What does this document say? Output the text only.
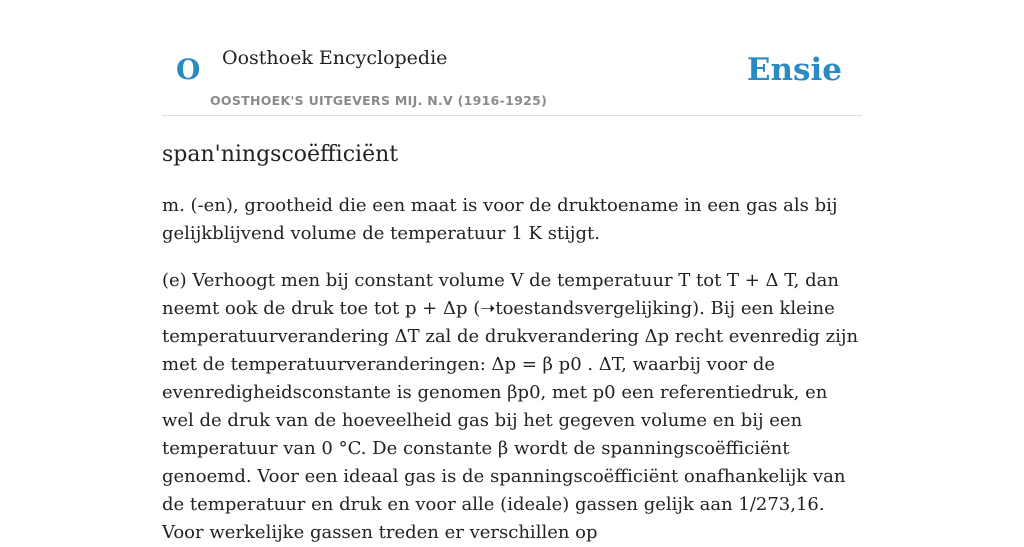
O Oosthoek Encyclopedie
OOSTHOEK'S UITGEVERS MIJ. N.V (1916-1925)
Ensie
span'ningscoëfficiënt

m. (-en), grootheid die een maat is voor de druktoename in een gas als bij gelijkblijvend volume de temperatuur 1 K stijgt.

(e) Verhoogt men bij constant volume V de temperatuur T tot T + Δ T, dan neemt ook de druk toe tot p + Δp (➝toestandsvergelijking). Bij een kleine temperatuurverandering ΔT zal de drukverandering Δp recht evenredig zijn met de temperatuurveranderingen: Δp = β p0 . ΔT, waarbij voor de evenredigheidsconstante is genomen βp0, met p0 een referentiedruk, en wel de druk van de hoeveelheid gas bij het gegeven volume en bij een temperatuur van 0 °C. De constante β wordt de spanningscoëfficiënt genoemd. Voor een ideaal gas is de spanningscoëfficiënt onafhankelijk van de temperatuur en druk en voor alle (ideale) gassen gelijk aan 1/273,16. Voor werkelijke gassen treden er verschillen op
